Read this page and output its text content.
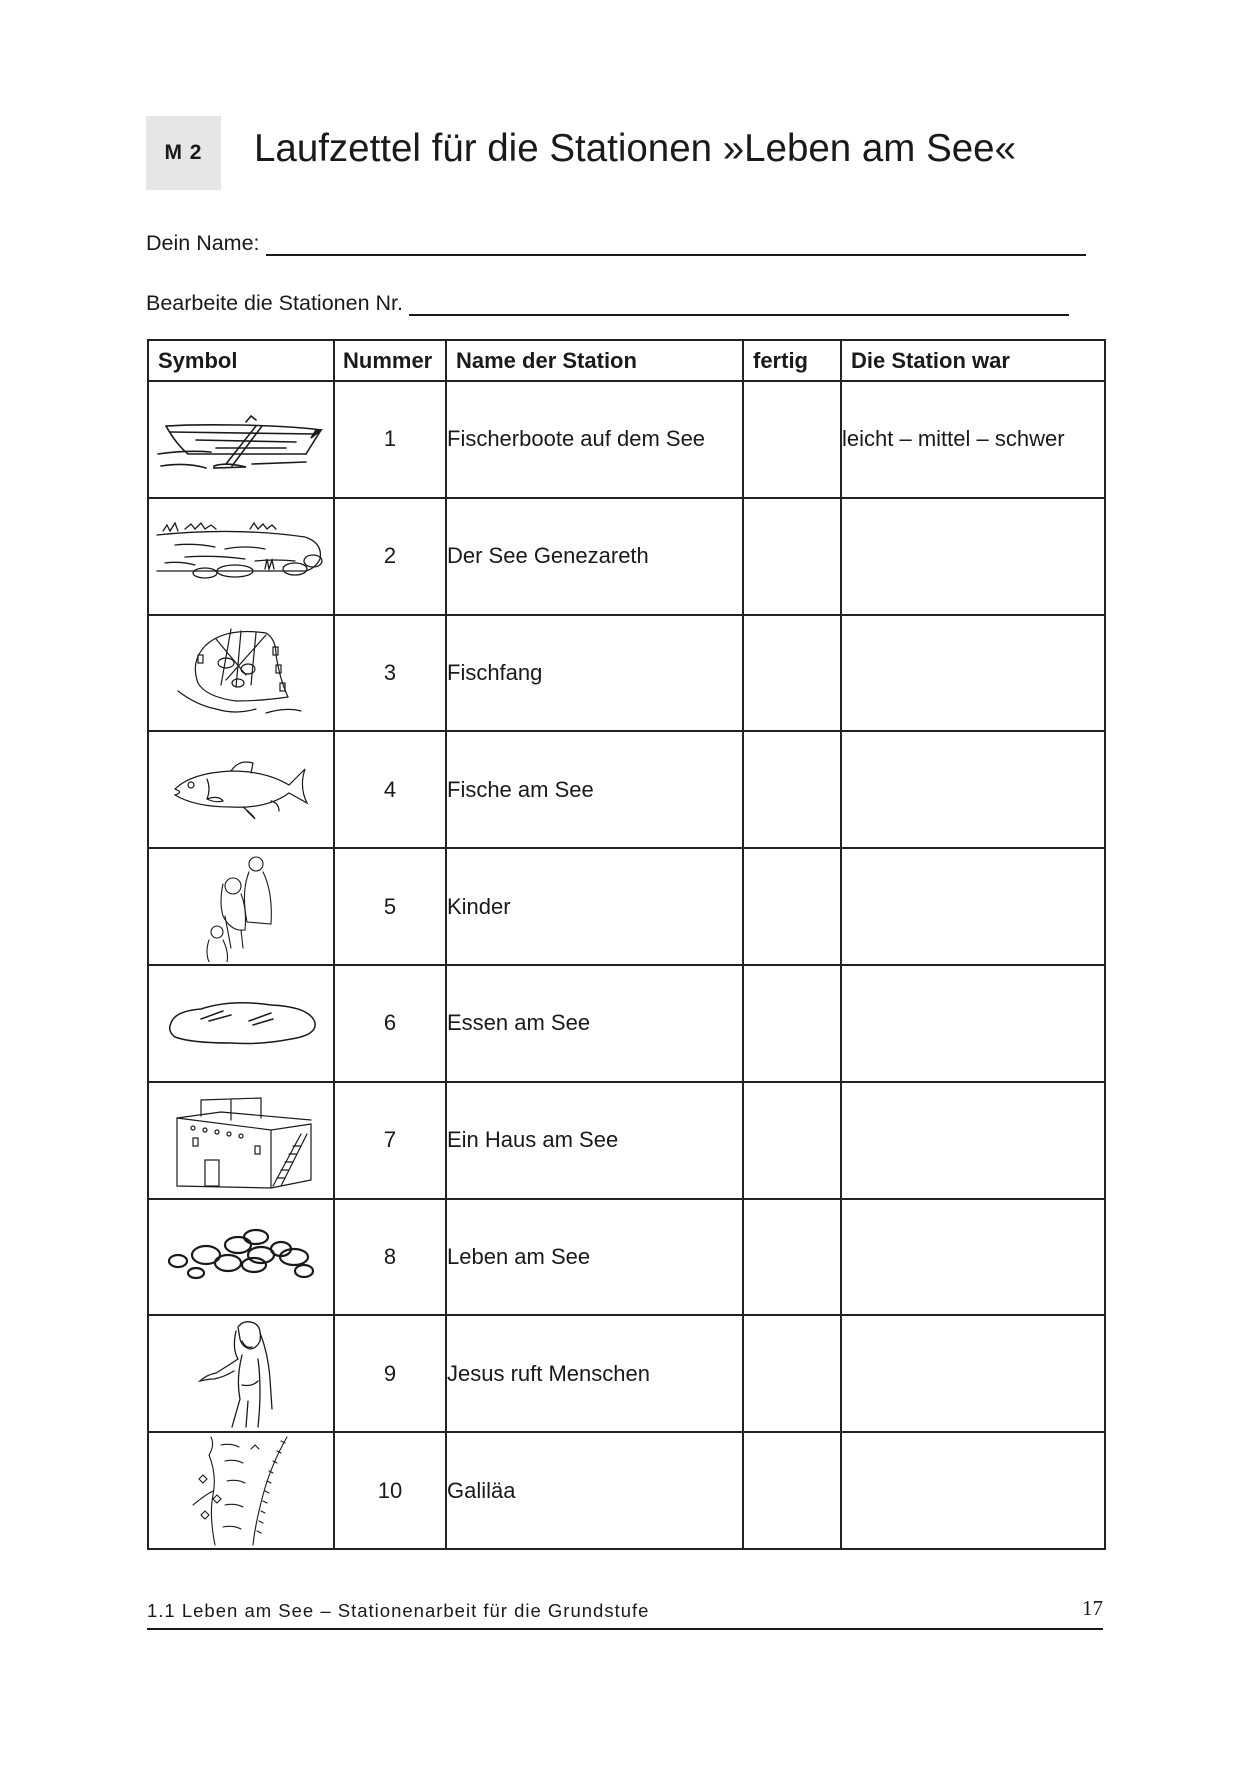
M 2	Laufzettel für die Stationen »Leben am See«
Dein Name:
Bearbeite die Stationen Nr.
Symbol	Nummer	Name der Station	fertig	Die Station war

	1	Fischerboote auf dem See		leicht – mittel – schwer

	2	Der See Genezareth		

	3	Fischfang		

	4	Fische am See		

	5	Kinder		

	6	Essen am See		

	7	Ein Haus am See		

	8	Leben am See		

	9	Jesus ruft Menschen		

	10	Galiläa		
1.1 Leben am See – Stationenarbeit für die Grundstufe	17
